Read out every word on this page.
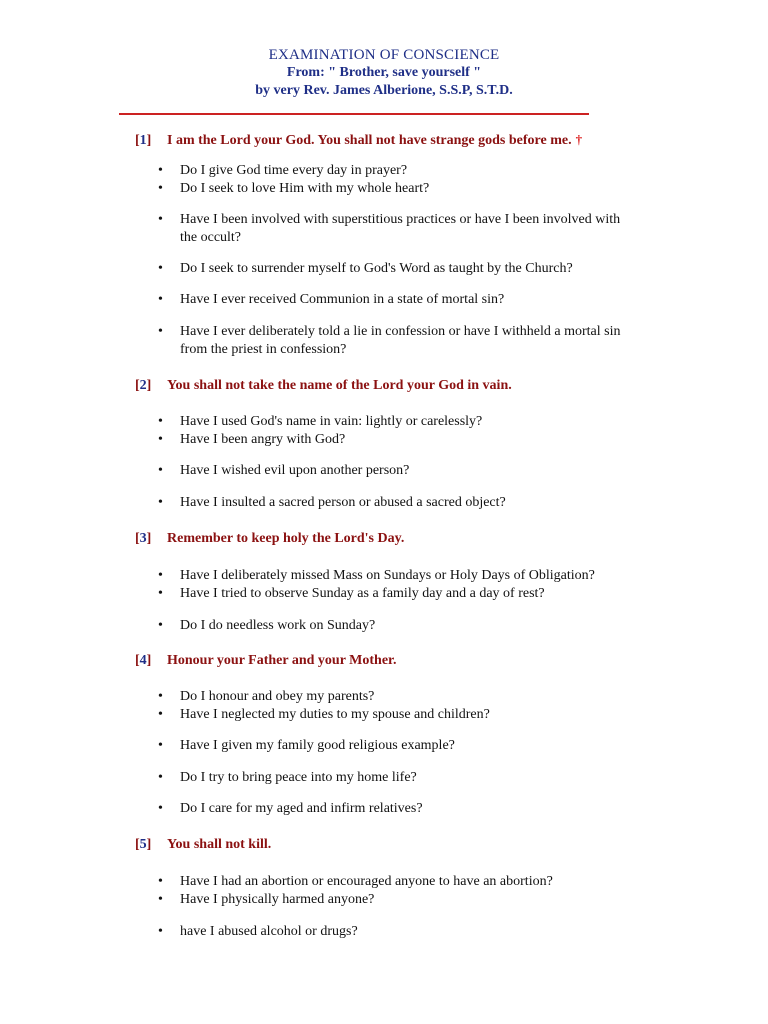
EXAMINATION OF CONSCIENCE
From: " Brother, save yourself "
by very Rev. James Alberione, S.S.P, S.T.D.
[1] I am the Lord your God. You shall not have strange gods before me. †
•	Do I give God time every day in prayer?
•	Do I seek to love Him with my whole heart?
•	Have I been involved with superstitious practices or have I been involved with the occult?
•	Do I seek to surrender myself to God's Word as taught by the Church?
•	Have I ever received Communion in a state of mortal sin?
•	Have I ever deliberately told a lie in confession or have I withheld a mortal sin from the priest in confession?
[2] You shall not take the name of the Lord your God in vain.
•	Have I used God's name in vain: lightly or carelessly?
•	Have I been angry with God?
•	Have I wished evil upon another person?
•	Have I insulted a sacred person or abused a sacred object?
[3] Remember to keep holy the Lord's Day.
•	Have I deliberately missed Mass on Sundays or Holy Days of Obligation?
•	Have I tried to observe Sunday as a family day and a day of rest?
•	Do I do needless work on Sunday?
[4] Honour your Father and your Mother.
•	Do I honour and obey my parents?
•	Have I neglected my duties to my spouse and children?
•	Have I given my family good religious example?
•	Do I try to bring peace into my home life?
•	Do I care for my aged and infirm relatives?
[5] You shall not kill.
•	Have I had an abortion or encouraged anyone to have an abortion?
•	Have I physically harmed anyone?
•	have I abused alcohol or drugs?
